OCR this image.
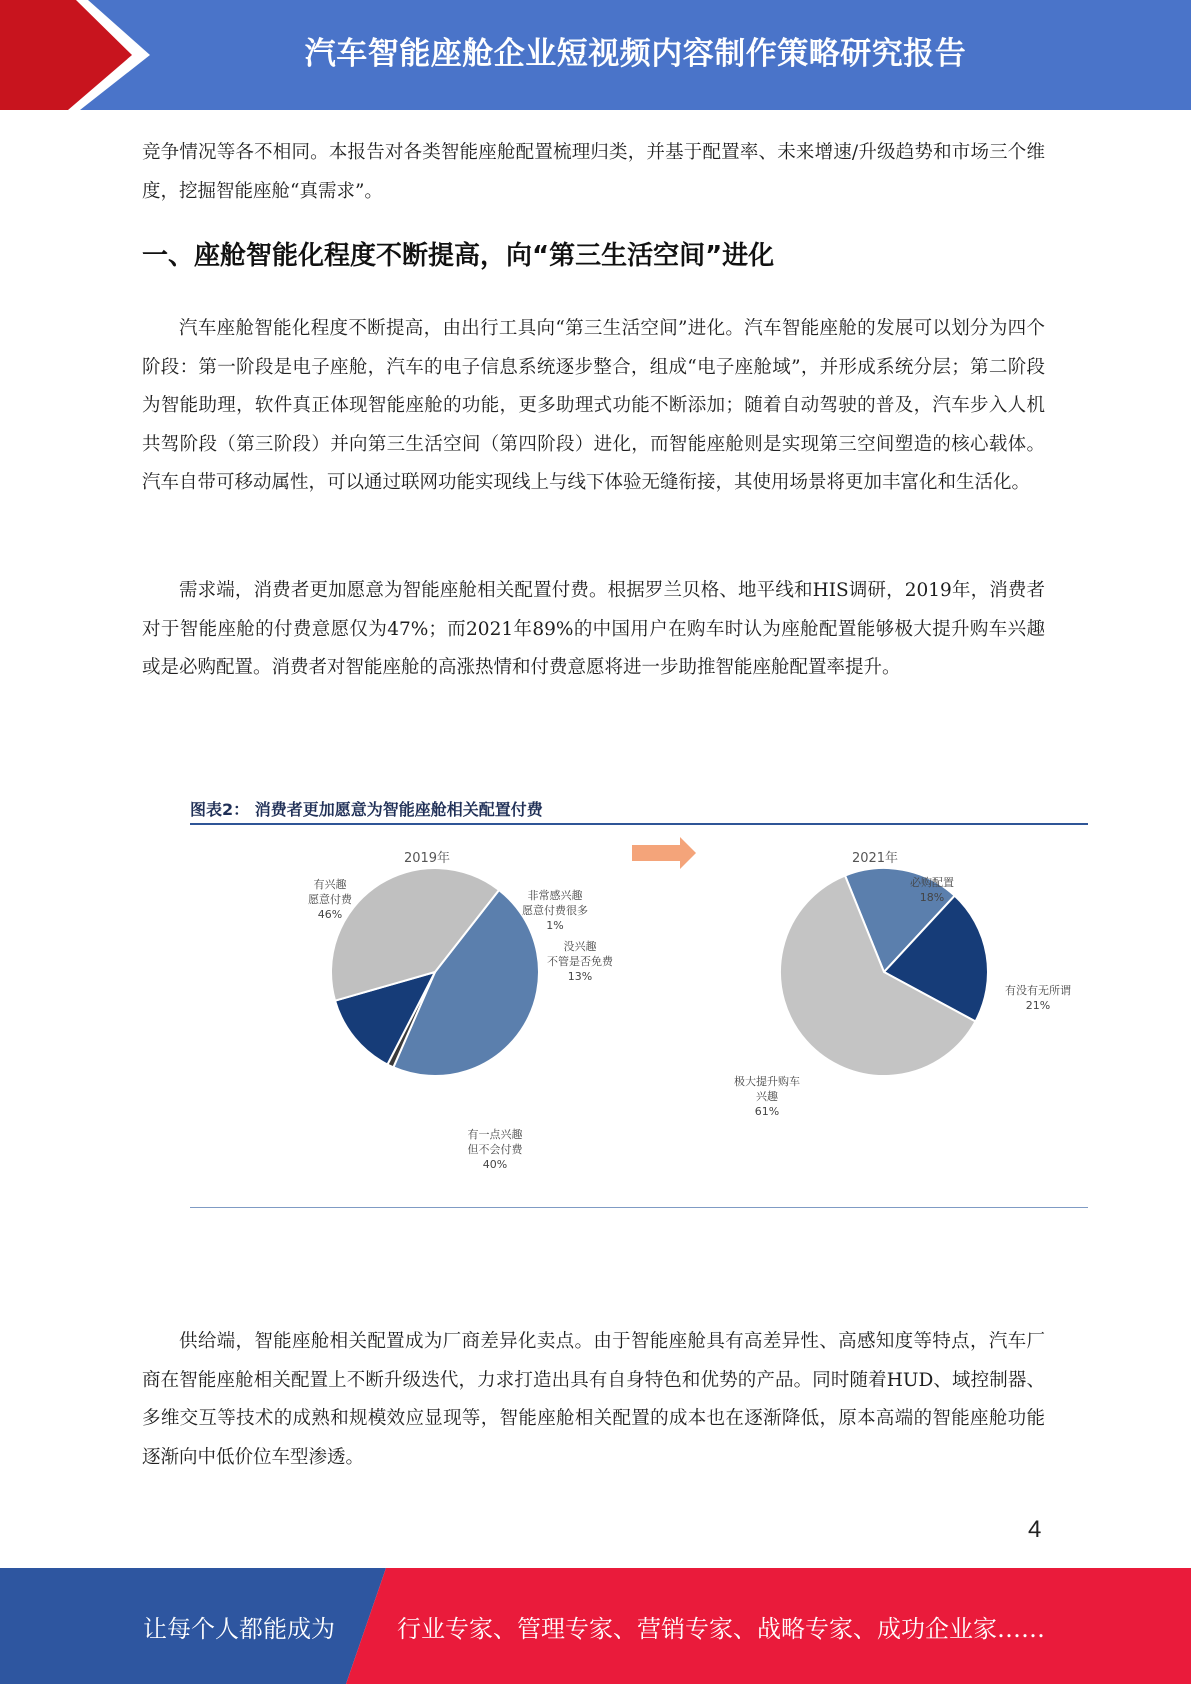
汽车智能座舱企业短视频内容制作策略研究报告

竞争情况等各不相同。本报告对各类智能座舱配置梳理归类，并基于配置率、未来增速/升级趋势和市场三个维度，挖掘智能座舱“真需求”。

一、座舱智能化程度不断提高，向“第三生活空间”进化

汽车座舱智能化程度不断提高，由出行工具向“第三生活空间”进化。汽车智能座舱的发展可以划分为四个阶段：第一阶段是电子座舱，汽车的电子信息系统逐步整合，组成“电子座舱域”，并形成系统分层；第二阶段为智能助理，软件真正体现智能座舱的功能，更多助理式功能不断添加；随着自动驾驶的普及，汽车步入人机共驾阶段（第三阶段）并向第三生活空间（第四阶段）进化，而智能座舱则是实现第三空间塑造的核心载体。汽车自带可移动属性，可以通过联网功能实现线上与线下体验无缝衔接，其使用场景将更加丰富化和生活化。

需求端，消费者更加愿意为智能座舱相关配置付费。根据罗兰贝格、地平线和HIS调研，2019年，消费者对于智能座舱的付费意愿仅为47%；而2021年89%的中国用户在购车时认为座舱配置能够极大提升购车兴趣或是必购配置。消费者对智能座舱的高涨热情和付费意愿将进一步助推智能座舱配置率提升。

图表2： 消费者更加愿意为智能座舱相关配置付费
2019年
有兴趣
愿意付费
46%
非常感兴趣
愿意付费很多
1%
没兴趣
不管是否免费
13%
有一点兴趣
但不会付费
40%
2021年
必购配置
18%
有没有无所谓
21%
极大提升购车
兴趣
61%

供给端，智能座舱相关配置成为厂商差异化卖点。由于智能座舱具有高差异性、高感知度等特点，汽车厂商在智能座舱相关配置上不断升级迭代，力求打造出具有自身特色和优势的产品。同时随着HUD、域控制器、多维交互等技术的成熟和规模效应显现等，智能座舱相关配置的成本也在逐渐降低，原本高端的智能座舱功能逐渐向中低价位车型渗透。

4
让每个人都能成为	行业专家、管理专家、营销专家、战略专家、成功企业家……
